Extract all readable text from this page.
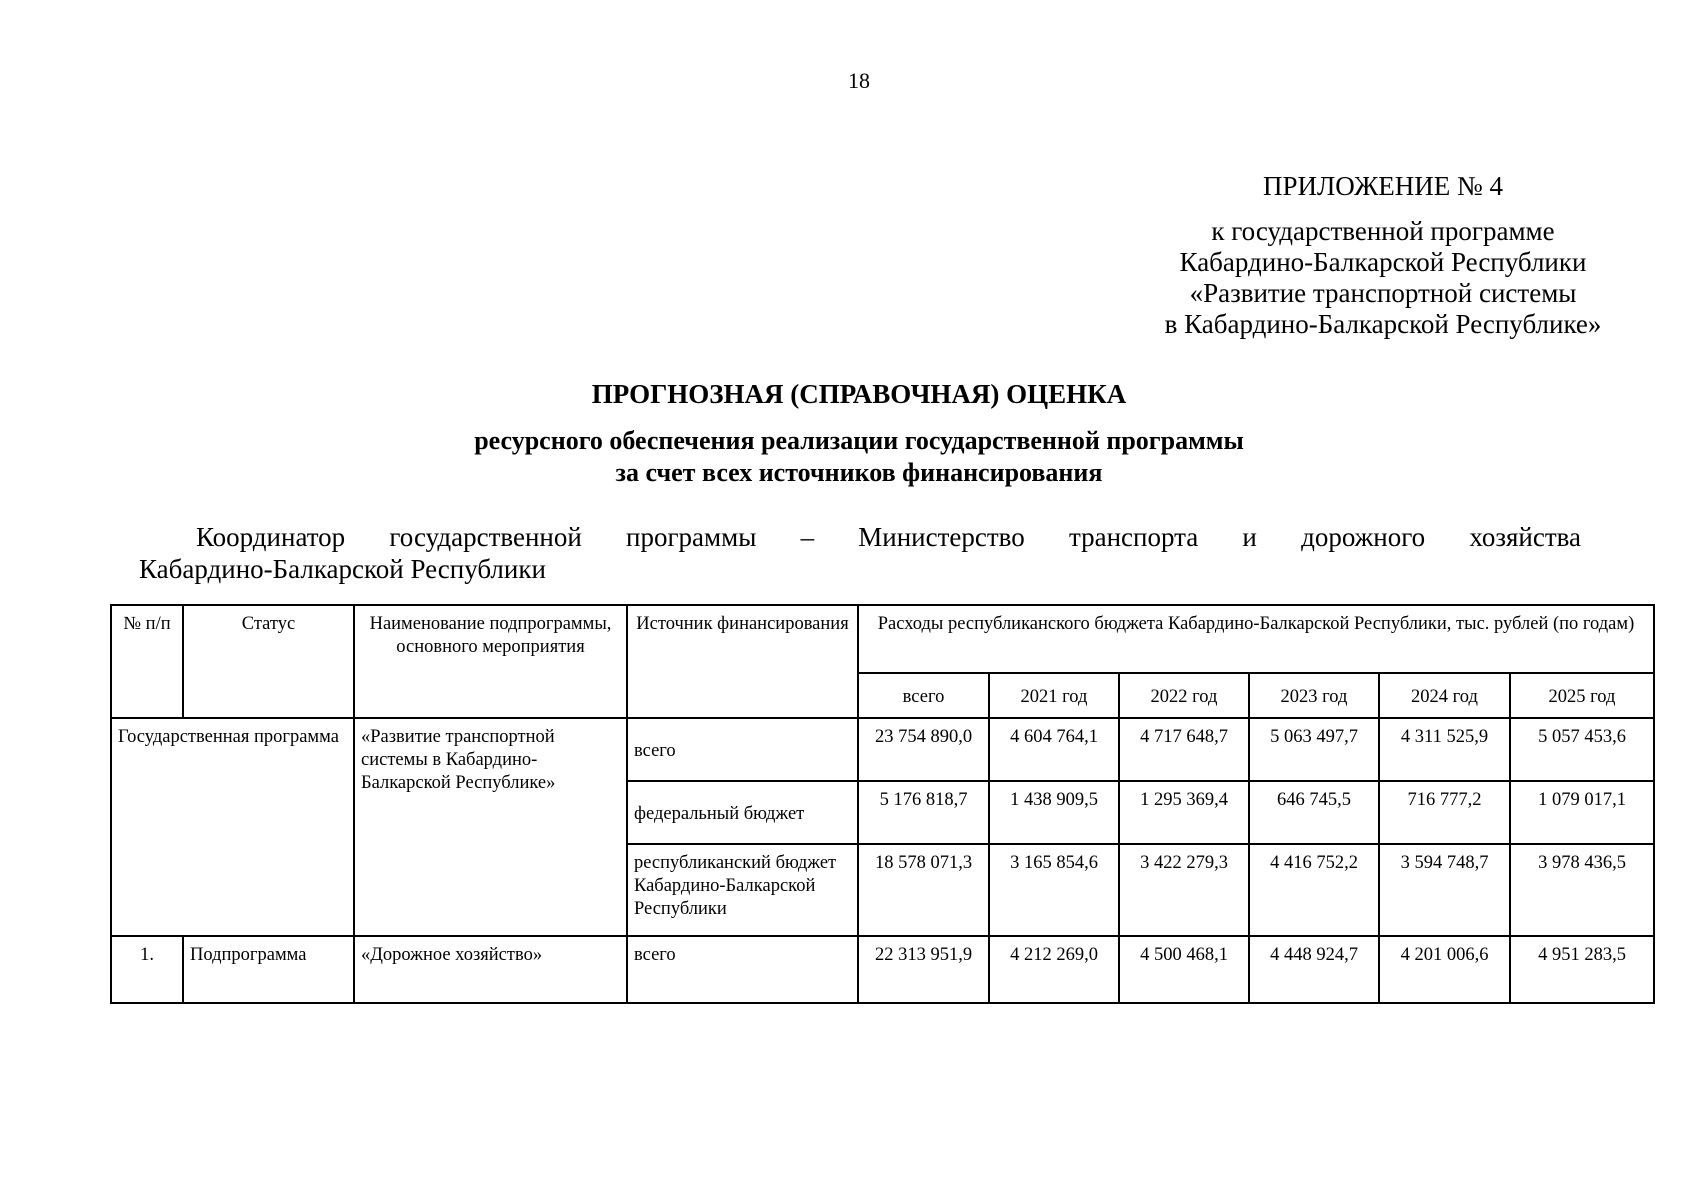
18
ПРИЛОЖЕНИЕ № 4
к государственной программе
Кабардино-Балкарской Республики
«Развитие транспортной системы
в Кабардино-Балкарской Республике»
ПРОГНОЗНАЯ (СПРАВОЧНАЯ) ОЦЕНКА
ресурсного обеспечения реализации государственной программы
за счет всех источников финансирования
Координатор государственной программы – Министерство транспорта и дорожного хозяйства
Кабардино-Балкарской Республики
№ п/п	Статус	Наименование подпрограммы, основного мероприятия	Источник финансирования	Расходы республиканского бюджета Кабардино-Балкарской Республики, тыс. рублей (по годам)					
				всего	2021 год	2022 год	2023 год	2024 год	2025 год
Государственная программа		«Развитие транспортной системы в Кабардино-Балкарской Республике»	всего	23 754 890,0	4 604 764,1	4 717 648,7	5 063 497,7	4 311 525,9	5 057 453,6
			федеральный бюджет	5 176 818,7	1 438 909,5	1 295 369,4	646 745,5	716 777,2	1 079 017,1
			республиканский бюджет Кабардино-Балкарской Республики	18 578 071,3	3 165 854,6	3 422 279,3	4 416 752,2	3 594 748,7	3 978 436,5
1.	Подпрограмма	«Дорожное хозяйство»	всего	22 313 951,9	4 212 269,0	4 500 468,1	4 448 924,7	4 201 006,6	4 951 283,5
